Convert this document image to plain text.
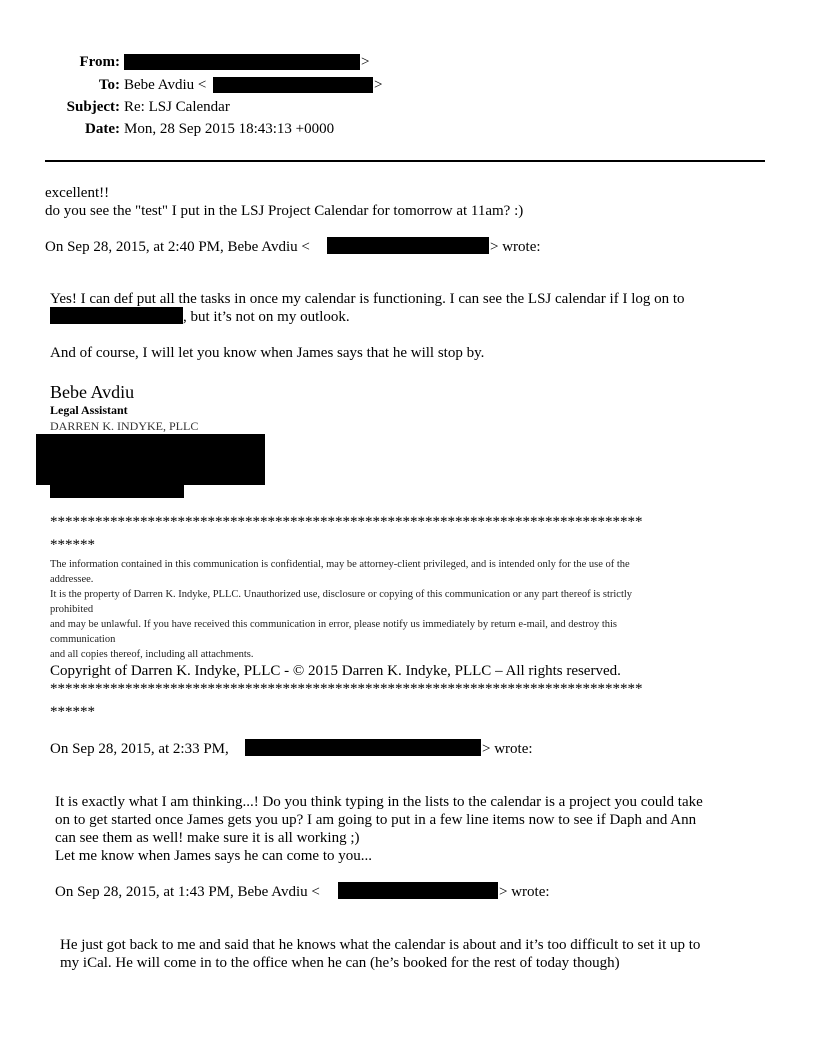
From:	>
To: Bebe Avdiu <	>
Subject: Re: LSJ Calendar
Date: Mon, 28 Sep 2015 18:43:13 +0000
excellent!!
do you see the "test" I put in the LSJ Project Calendar for tomorrow at 11am? :)
On Sep 28, 2015, at 2:40 PM, Bebe Avdiu <	> wrote:
Yes! I can def put all the tasks in once my calendar is functioning. I can see the LSJ calendar if I log on to
, but it’s not on my outlook.
And of course, I will let you know when James says that he will stop by.
Bebe Avdiu
Legal Assistant
DARREN K. INDYKE, PLLC
*******************************************************************************
******
The information contained in this communication is confidential, may be attorney-client privileged, and is intended only for the use of the
addressee.
It is the property of Darren K. Indyke, PLLC. Unauthorized use, disclosure or copying of this communication or any part thereof is strictly
prohibited
and may be unlawful. If you have received this communication in error, please notify us immediately by return e-mail, and destroy this
communication
and all copies thereof, including all attachments.
Copyright of Darren K. Indyke, PLLC - © 2015 Darren K. Indyke, PLLC – All rights reserved.
*******************************************************************************
******
On Sep 28, 2015, at 2:33 PM,	> wrote:
It is exactly what I am thinking...! Do you think typing in the lists to the calendar is a project you could take
on to get started once James gets you up? I am going to put in a few line items now to see if Daph and Ann
can see them as well! make sure it is all working ;)
Let me know when James says he can come to you...
On Sep 28, 2015, at 1:43 PM, Bebe Avdiu <	> wrote:
He just got back to me and said that he knows what the calendar is about and it’s too difficult to set it up to
my iCal. He will come in to the office when he can (he’s booked for the rest of today though)
